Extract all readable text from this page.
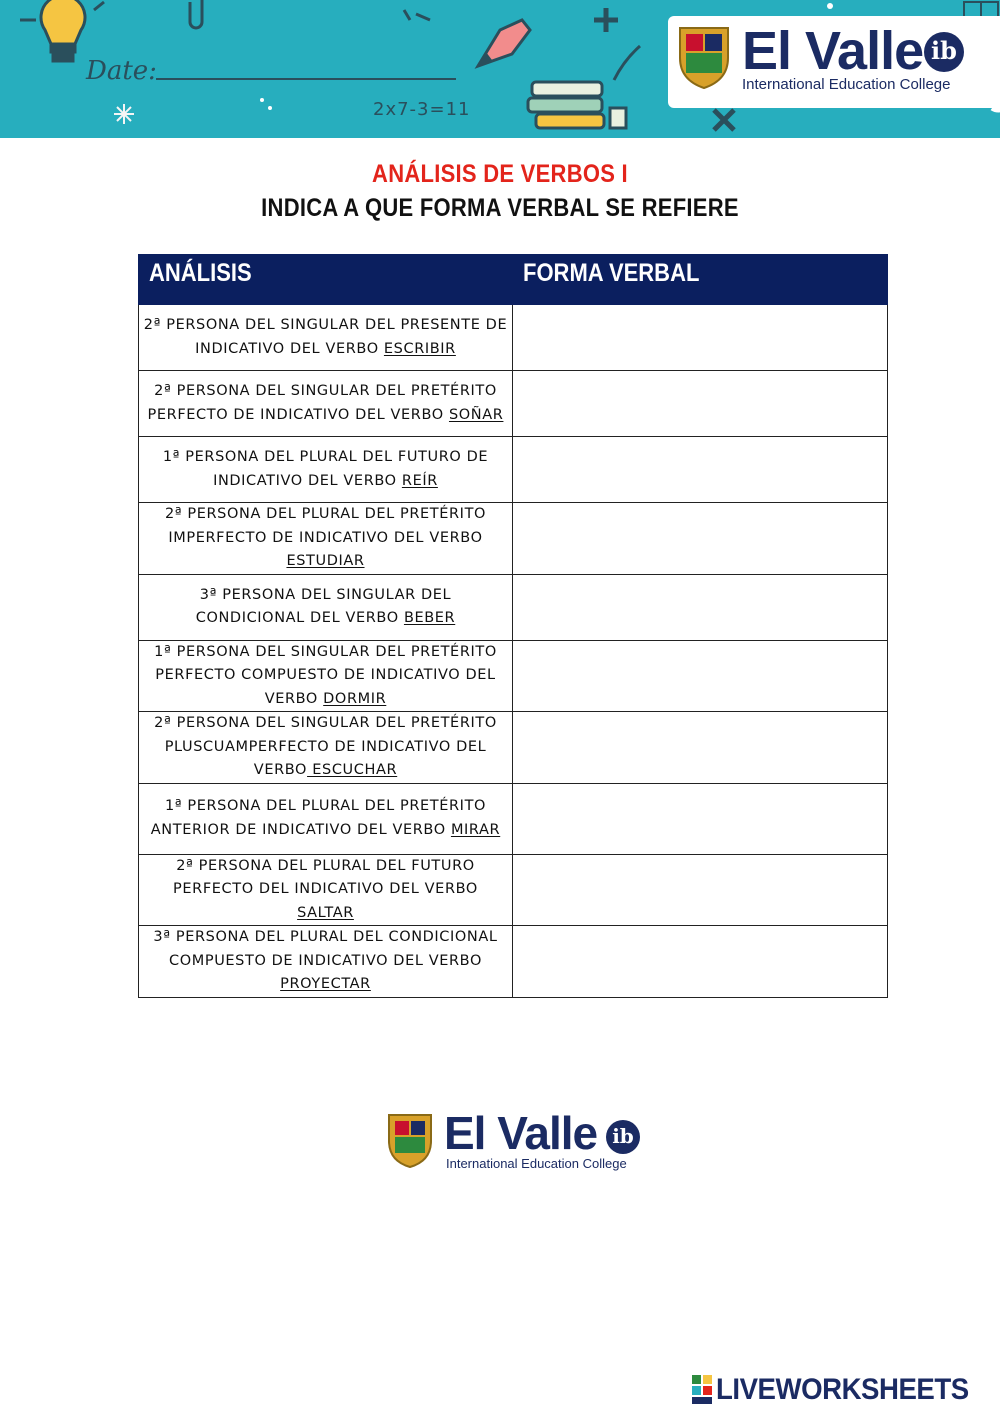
Date:
2x7-3=11
El Valle ib
International Education College
ANÁLISIS DE VERBOS I
INDICA A QUE FORMA VERBAL SE REFIERE
ANÁLISIS	FORMA VERBAL
2ª PERSONA DEL SINGULAR DEL PRESENTE DE INDICATIVO DEL VERBO ESCRIBIR	
2ª PERSONA DEL SINGULAR DEL PRETÉRITO PERFECTO DE INDICATIVO DEL VERBO SOÑAR	
1ª PERSONA DEL PLURAL DEL FUTURO DE INDICATIVO DEL VERBO REÍR	
2ª PERSONA DEL PLURAL DEL PRETÉRITO IMPERFECTO DE INDICATIVO DEL VERBO ESTUDIAR	
3ª PERSONA DEL SINGULAR DEL CONDICIONAL DEL VERBO BEBER	
1ª PERSONA DEL SINGULAR DEL PRETÉRITO PERFECTO COMPUESTO DE INDICATIVO DEL VERBO DORMIR	
2ª PERSONA DEL SINGULAR DEL PRETÉRITO PLUSCUAMPERFECTO DE INDICATIVO DEL VERBO ESCUCHAR	
1ª PERSONA DEL PLURAL DEL PRETÉRITO ANTERIOR DE INDICATIVO DEL VERBO MIRAR	
2ª PERSONA DEL PLURAL DEL FUTURO PERFECTO DEL INDICATIVO DEL VERBO SALTAR	
3ª PERSONA DEL PLURAL DEL CONDICIONAL COMPUESTO DE INDICATIVO DEL VERBO PROYECTAR	
El Valle ib
International Education College
LIVEWORKSHEETS
